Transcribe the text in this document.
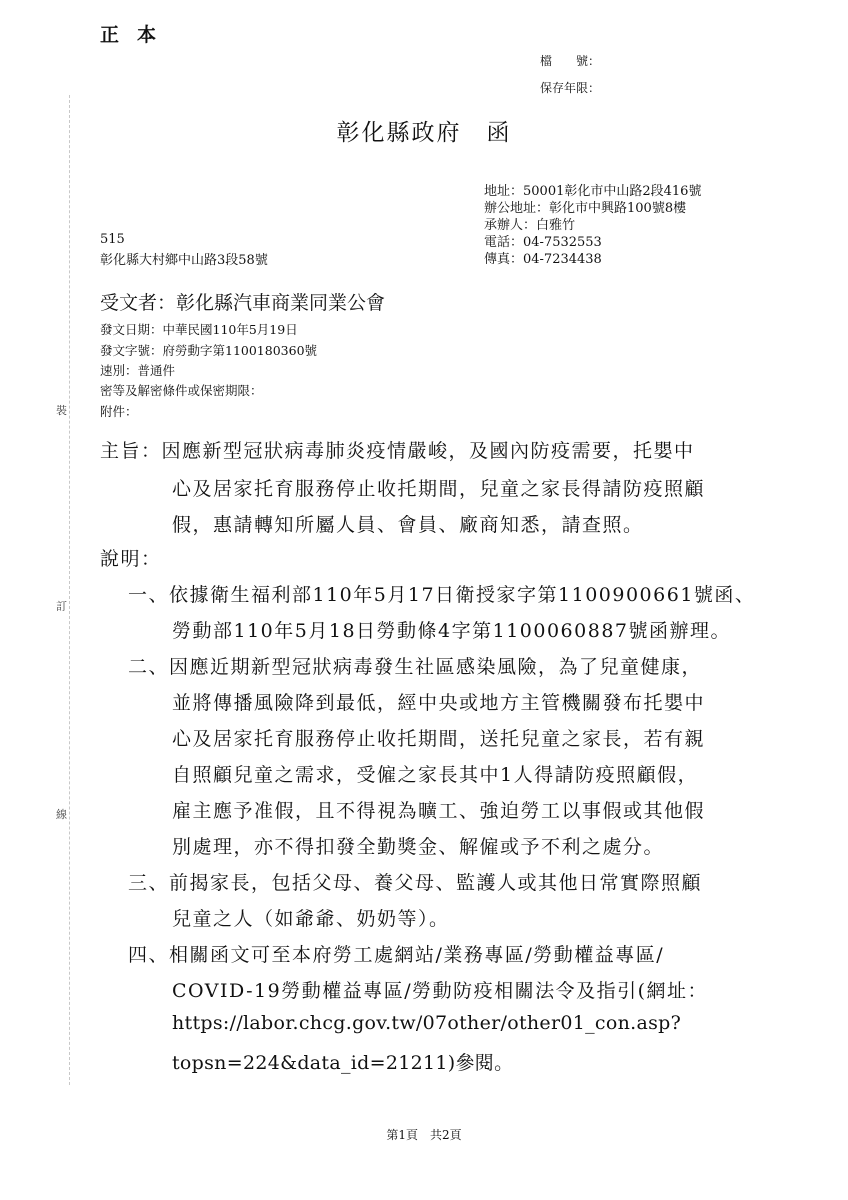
正本
檔　　號：
保存年限：
彰化縣政府　函
地址：50001彰化市中山路2段416號
辦公地址：彰化市中興路100號8樓
承辦人：白雅竹
電話：04-7532553
傳真：04-7234438
515
彰化縣大村鄉中山路3段58號
受文者：彰化縣汽車商業同業公會
發文日期：中華民國110年5月19日
發文字號：府勞動字第1100180360號
速別：普通件
密等及解密條件或保密期限：
附件：
裝
訂
線
主旨：因應新型冠狀病毒肺炎疫情嚴峻，及國內防疫需要，托嬰中
心及居家托育服務停止收托期間，兒童之家長得請防疫照顧
假，惠請轉知所屬人員、會員、廠商知悉，請查照。
說明：
一、依據衛生福利部110年5月17日衛授家字第1100900661號函、
勞動部110年5月18日勞動條4字第1100060887號函辦理。
二、因應近期新型冠狀病毒發生社區感染風險，為了兒童健康，
並將傳播風險降到最低，經中央或地方主管機關發布托嬰中
心及居家托育服務停止收托期間，送托兒童之家長，若有親
自照顧兒童之需求，受僱之家長其中1人得請防疫照顧假，
雇主應予准假，且不得視為曠工、強迫勞工以事假或其他假
別處理，亦不得扣發全勤獎金、解僱或予不利之處分。
三、前揭家長，包括父母、養父母、監護人或其他日常實際照顧
兒童之人（如爺爺、奶奶等）。
四、相關函文可至本府勞工處網站/業務專區/勞動權益專區/
COVID-19勞動權益專區/勞動防疫相關法令及指引(網址：
https://labor.chcg.gov.tw/07other/other01_con.asp?
topsn=224&data_id=21211)參閱。
第1頁　共2頁
